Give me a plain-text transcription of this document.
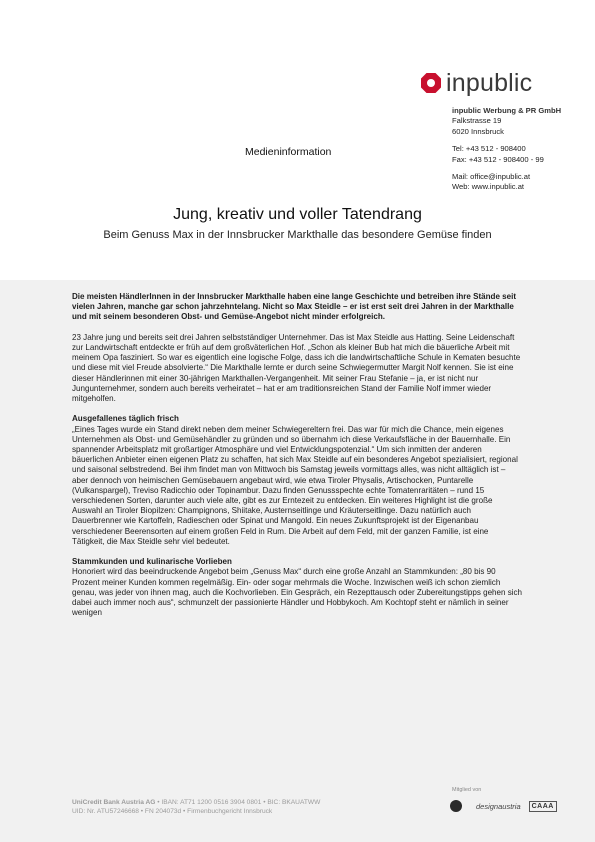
inpublic
inpublic Werbung & PR GmbH
Falkstrasse 19
6020 Innsbruck
Tel: +43 512 - 908400
Fax: +43 512 - 908400 - 99
Mail: office@inpublic.at
Web: www.inpublic.at
Medieninformation
Jung, kreativ und voller Tatendrang
Beim Genuss Max in der Innsbrucker Markthalle das besondere Gemüse finden

Die meisten HändlerInnen in der Innsbrucker Markthalle haben eine lange Geschichte und betreiben ihre Stände seit vielen Jahren, manche gar schon jahrzehntelang. Nicht so Max Steidle – er ist erst seit drei Jahren in der Markthalle und mit seinem besonderen Obst- und Gemüse-Angebot nicht minder erfolgreich.

23 Jahre jung und bereits seit drei Jahren selbstständiger Unternehmer. Das ist Max Steidle aus Hatting. Seine Leidenschaft zur Landwirtschaft entdeckte er früh auf dem großväterlichen Hof. „Schon als kleiner Bub hat mich die bäuerliche Arbeit mit meinem Opa fasziniert. So war es eigentlich eine logische Folge, dass ich die landwirtschaftliche Schule in Kematen besuchte und diese mit viel Freude absolvierte.“ Die Markthalle lernte er durch seine Schwiegermutter Margit Nolf kennen. Sie ist eine dieser Händlerinnen mit einer 30-jährigen Markthallen-Vergangenheit. Mit seiner Frau Stefanie – ja, er ist nicht nur Jungunternehmer, sondern auch bereits verheiratet – hat er am traditionsreichen Stand der Familie Nolf immer wieder mitgeholfen.

Ausgefallenes täglich frisch

„Eines Tages wurde ein Stand direkt neben dem meiner Schwiegereltern frei. Das war für mich die Chance, mein eigenes Unternehmen als Obst- und Gemüsehändler zu gründen und so übernahm ich diese Verkaufsfläche in der Bauernhalle. Ein spannender Arbeitsplatz mit großartiger Atmosphäre und viel Entwicklungspotenzial.“ Um sich inmitten der anderen bäuerlichen Anbieter einen eigenen Platz zu schaffen, hat sich Max Steidle auf ein besonderes Angebot spezialisiert, regional und saisonal selbstredend. Bei ihm findet man von Mittwoch bis Samstag jeweils vormittags alles, was nicht alltäglich ist – aber dennoch von heimischen Gemüsebauern angebaut wird, wie etwa Tiroler Physalis, Artischocken, Puntarelle (Vulkanspargel), Treviso Radicchio oder Topinambur. Dazu finden Genussspechte echte Tomatenraritäten – rund 15 verschiedenen Sorten, darunter auch viele alte, gibt es zur Erntezeit zu entdecken. Ein weiteres Highlight ist die große Auswahl an Tiroler Biopilzen: Champignons, Shiitake, Austernseitlinge und Kräuterseitlinge. Dazu natürlich auch Dauerbrenner wie Kartoffeln, Radieschen oder Spinat und Mangold. Ein neues Zukunftsprojekt ist der Eigenanbau verschiedener Beerensorten auf einem großen Feld in Rum. Die Arbeit auf dem Feld, mit der ganzen Familie, ist eine Tätigkeit, die Max Steidle sehr viel bedeutet.

Stammkunden und kulinarische Vorlieben

Honoriert wird das beeindruckende Angebot beim „Genuss Max“ durch eine große Anzahl an Stammkunden: „80 bis 90 Prozent meiner Kunden kommen regelmäßig. Ein- oder sogar mehrmals die Woche. Inzwischen weiß ich schon ziemlich genau, was jeder von ihnen mag, auch die Kochvorlieben. Ein Gespräch, ein Rezepttausch oder Zubereitungstipps gehen sich dabei auch immer noch aus“, schmunzelt der passionierte Händler und Hobbykoch. Am Kochtopf steht er nämlich in seiner wenigen

UniCredit Bank Austria AG • IBAN: AT71 1200 0516 3904 0801 • BIC: BKAUATWW
UID: Nr. ATU57246668 • FN 204073d • Firmenbuchgericht Innsbruck
Mitglied von
designaustria	CAAA
